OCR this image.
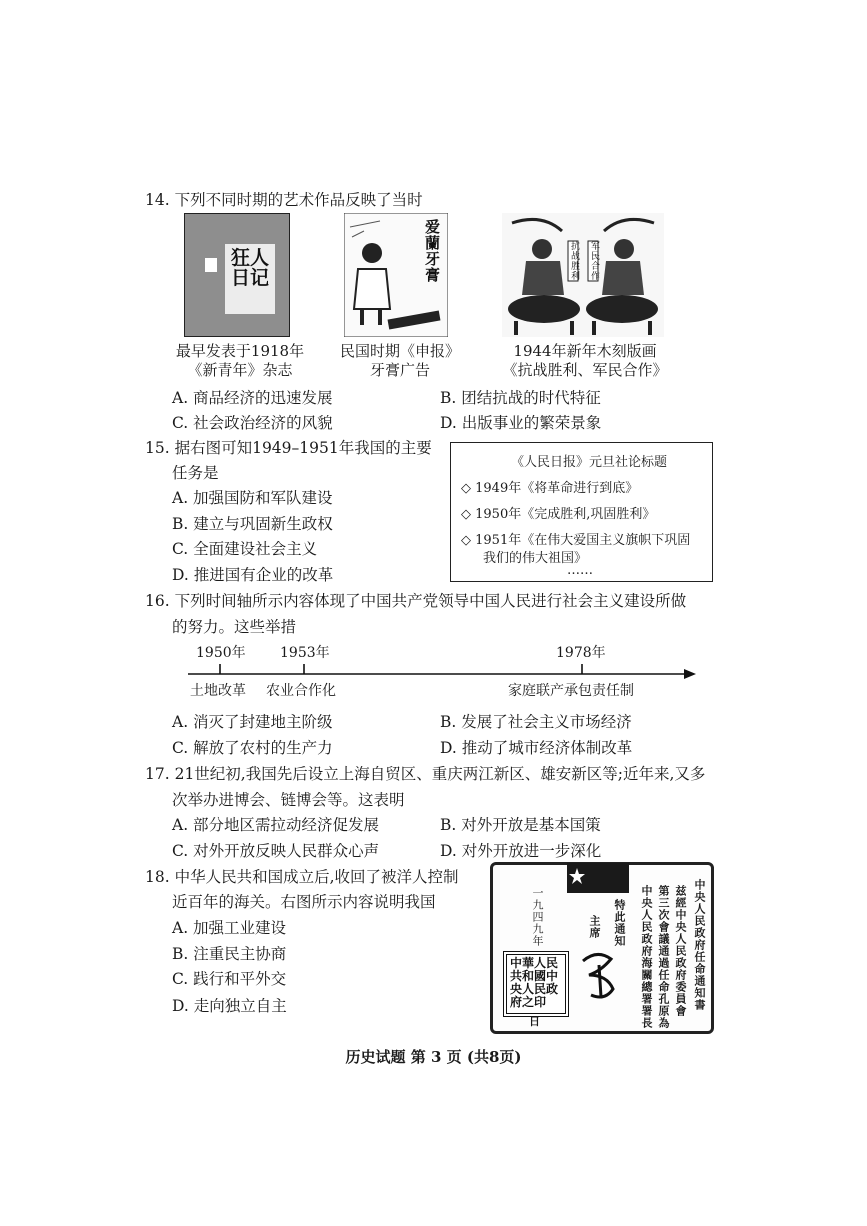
14. 下列不同时期的艺术作品反映了当时
狂人日记
最早发表于1918年
《新青年》杂志
爱蘭牙膏
民国时期《申报》
牙膏广告
抗战胜利 军民合作
1944年新年木刻版画
《抗战胜利、军民合作》
A. 商品经济的迅速发展	B. 团结抗战的时代特征
C. 社会政治经济的风貌	D. 出版事业的繁荣景象
15. 据右图可知1949–1951年我国的主要
任务是
A. 加强国防和军队建设
B. 建立与巩固新生政权
C. 全面建设社会主义
D. 推进国有企业的改革
《人民日报》元旦社论标题
◇ 1949年《将革命进行到底》
◇ 1950年《完成胜利,巩固胜利》
◇ 1951年《在伟大爱国主义旗帜下巩固
我们的伟大祖国》
……
16. 下列时间轴所示内容体现了中国共产党领导中国人民进行社会主义建设所做
的努力。这些举措
1950年 1953年	1978年
土地改革 农业合作化	家庭联产承包责任制
A. 消灭了封建地主阶级	B. 发展了社会主义市场经济
C. 解放了农村的生产力	D. 推动了城市经济体制改革
17. 21世纪初,我国先后设立上海自贸区、重庆两江新区、雄安新区等;近年来,又多
次举办进博会、链博会等。这表明
A. 部分地区需拉动经济促发展	B. 对外开放是基本国策
C. 对外开放反映人民群众心声	D. 对外开放进一步深化
18. 中华人民共和国成立后,收回了被洋人控制
近百年的海关。右图所示内容说明我国
A. 加强工业建设
B. 注重民主协商
C. 践行和平外交
D. 走向独立自主	中央人民政府任命通知書
兹經中央人民政府委員會
第三次會議通過任命孔原為
中央人民政府海關總署署長
特此通知
主席
一九四九年
中華人民共和國中央人民政府之印
日
历史试题 第 3 页 (共8页)
